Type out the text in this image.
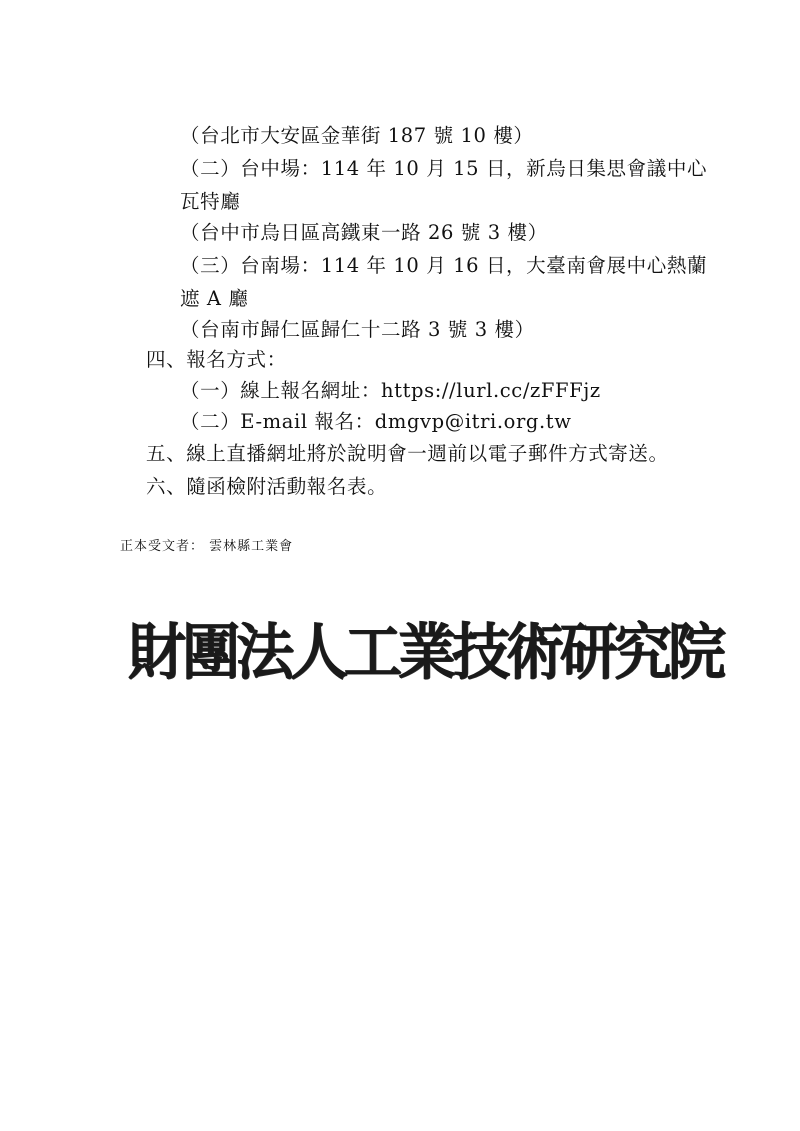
（台北市大安區金華街 187 號 10 樓）
（二）台中場：114 年 10 月 15 日，新烏日集思會議中心
瓦特廳
（台中市烏日區高鐵東一路 26 號 3 樓）
（三）台南場：114 年 10 月 16 日，大臺南會展中心熱蘭
遮 A 廳
（台南市歸仁區歸仁十二路 3 號 3 樓）
四、報名方式：
（一）線上報名網址：https://lurl.cc/zFFFjz
（二）E-mail 報名：dmgvp@itri.org.tw
五、線上直播網址將於說明會一週前以電子郵件方式寄送。
六、隨函檢附活動報名表。
正本受文者： 雲林縣工業會
財團法人工業技術研究院
